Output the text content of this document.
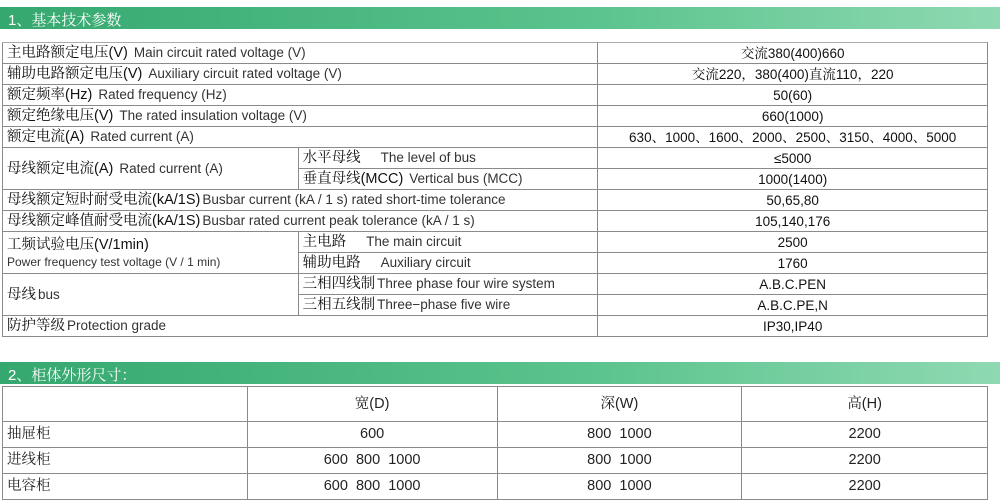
1、基本技术参数
主电路额定电压(V) Main circuit rated voltage (V)		交流380(400)660
辅助电路额定电压(V) Auxiliary circuit rated voltage (V)		交流220，380(400)直流110，220
额定频率(Hz) Rated frequency (Hz)		50(60)
额定绝缘电压(V) The rated insulation voltage (V)		660(1000)
额定电流(A) Rated current (A)		630、1000、1600、2000、2500、3150、4000、5000
母线额定电流(A) Rated current (A)	水平母线 The level of bus	≤5000
	垂直母线(MCC) Vertical bus (MCC)	1000(1400)
母线额定短时耐受电流(kA/1S) Busbar current (kA / 1 s) rated short-time tolerance		50,65,80
母线额定峰值耐受电流(kA/1S) Busbar rated current peak tolerance (kA / 1 s)		105,140,176

工频试验电压(V/1min)
Power frequency test voltage (V / 1 min)	主电路 The main circuit	2500
	辅助电路 Auxiliary circuit	1760
母线 bus	三相四线制 Three phase four wire system	A.B.C.PEN
	三相五线制 Three−phase five wire	A.B.C.PE,N
防护等级 Protection grade		IP30,IP40
2、柜体外形尺寸：
	宽(D)	深(W)	高(H)
抽屉柜	600	800  1000	2200
进线柜	600  800  1000	800  1000	2200
电容柜	600  800  1000	800  1000	2200
